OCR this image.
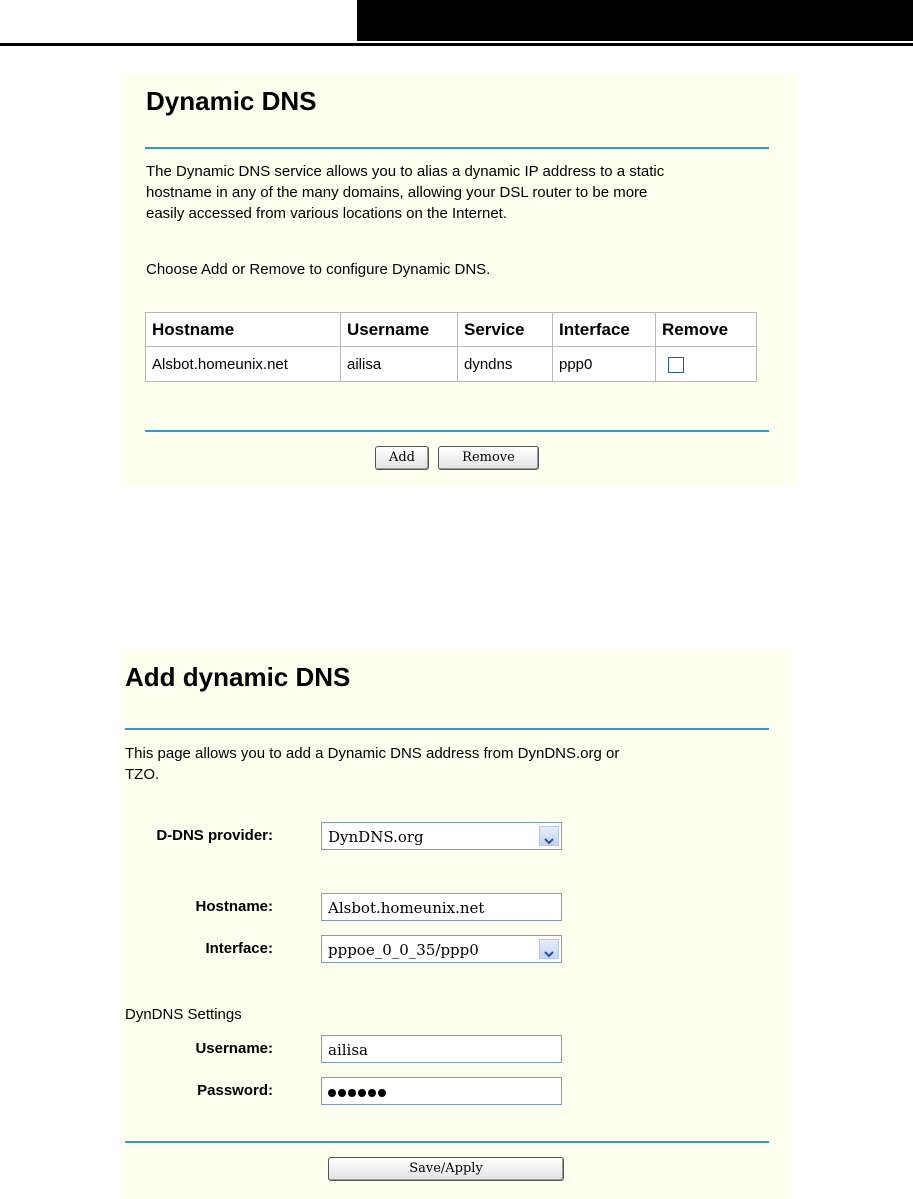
Dynamic DNS
The Dynamic DNS service allows you to alias a dynamic IP address to a static
hostname in any of the many domains, allowing your DSL router to be more
easily accessed from various locations on the Internet.
Choose Add or Remove to configure Dynamic DNS.
Hostname	Username	Service	Interface	Remove
Alsbot.homeunix.net	ailisa	dyndns	ppp0	
Add	Remove
Add dynamic DNS
This page allows you to add a Dynamic DNS address from DynDNS.org or
TZO.
D-DNS provider:	DynDNS.org
Hostname:	Alsbot.homeunix.net
Interface:	pppoe_0_0_35/ppp0
DynDNS Settings
Username:	ailisa
Password:
Save/Apply
